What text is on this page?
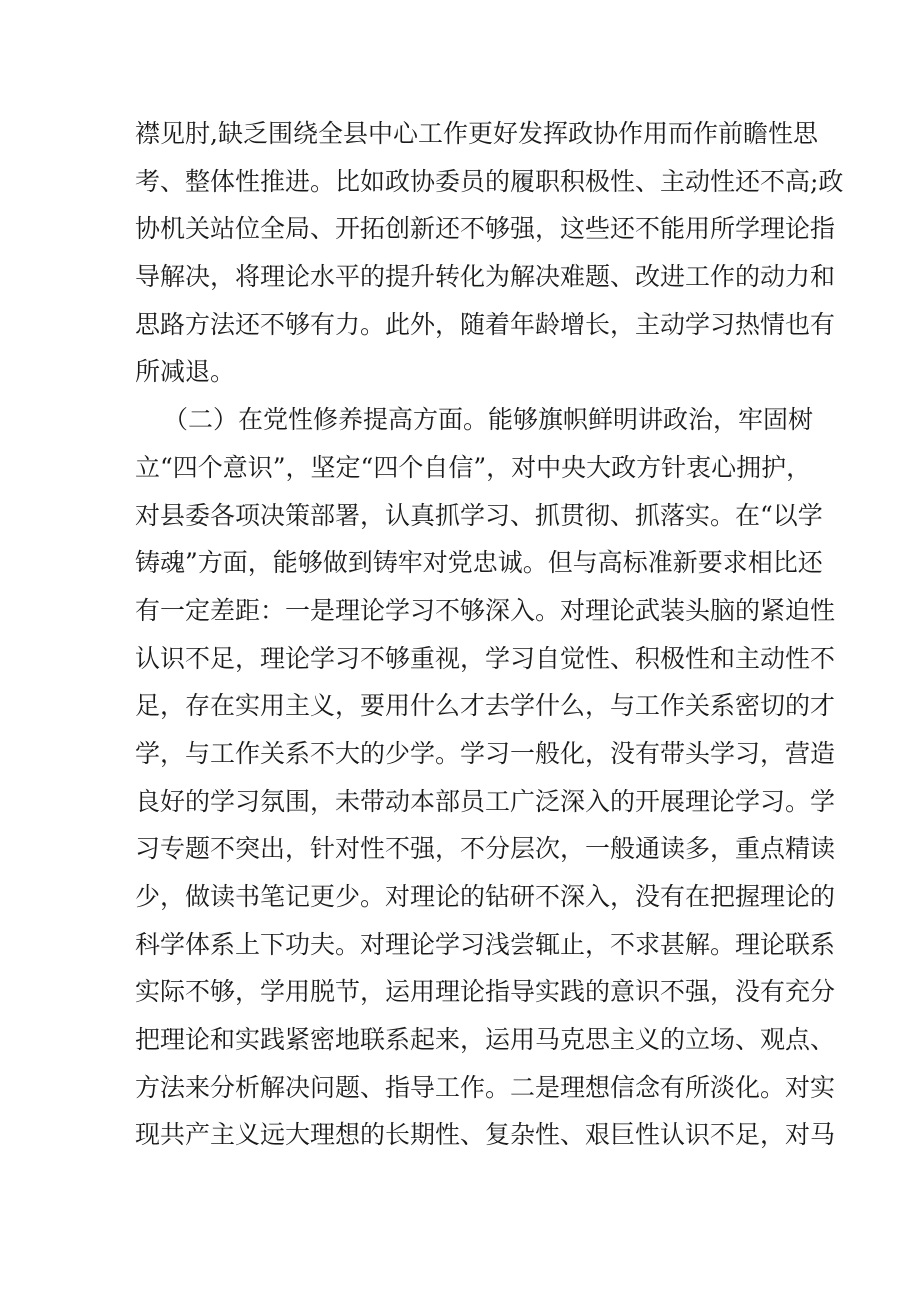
襟见肘,缺乏围绕全县中心工作更好发挥政协作用而作前瞻性思
考、整体性推进。比如政协委员的履职积极性、主动性还不高;政
协机关站位全局、开拓创新还不够强，这些还不能用所学理论指
导解决，将理论水平的提升转化为解决难题、改进工作的动力和
思路方法还不够有力。此外，随着年龄增长，主动学习热情也有
所减退。
（二）在党性修养提高方面。能够旗帜鲜明讲政治，牢固树
立“四个意识”，坚定“四个自信”，对中央大政方针衷心拥护，
对县委各项决策部署，认真抓学习、抓贯彻、抓落实。在“以学
铸魂”方面，能够做到铸牢对党忠诚。但与高标准新要求相比还
有一定差距：一是理论学习不够深入。对理论武装头脑的紧迫性
认识不足，理论学习不够重视，学习自觉性、积极性和主动性不
足，存在实用主义，要用什么才去学什么，与工作关系密切的才
学，与工作关系不大的少学。学习一般化，没有带头学习，营造
良好的学习氛围，未带动本部员工广泛深入的开展理论学习。学
习专题不突出，针对性不强，不分层次，一般通读多，重点精读
少，做读书笔记更少。对理论的钻研不深入，没有在把握理论的
科学体系上下功夫。对理论学习浅尝辄止，不求甚解。理论联系
实际不够，学用脱节，运用理论指导实践的意识不强，没有充分
把理论和实践紧密地联系起来，运用马克思主义的立场、观点、
方法来分析解决问题、指导工作。二是理想信念有所淡化。对实
现共产主义远大理想的长期性、复杂性、艰巨性认识不足，对马
